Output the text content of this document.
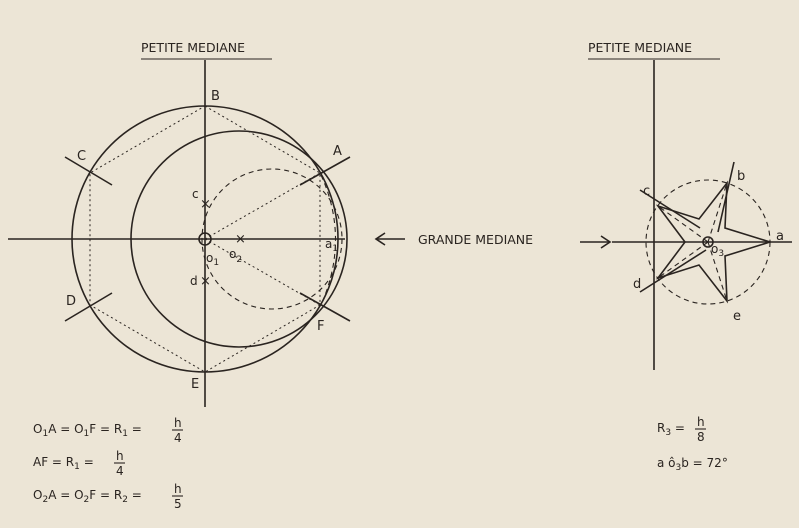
PETITE MEDIANE
×
×
×
B
A
C
D
F
E
c
d
$o_1$
$o_2$
$a_1$
GRANDE MEDIANE
PETITE MEDIANE
a
b
c
d
e
$o_3$
$O_1A = O_1F = R_1$ =	h
4
AF = $R_1 = h$
4
$O_2A = O_2F = R_2$ =	h
5
$R_3 = h$
8
a $ô_3b = 72^\circ$
